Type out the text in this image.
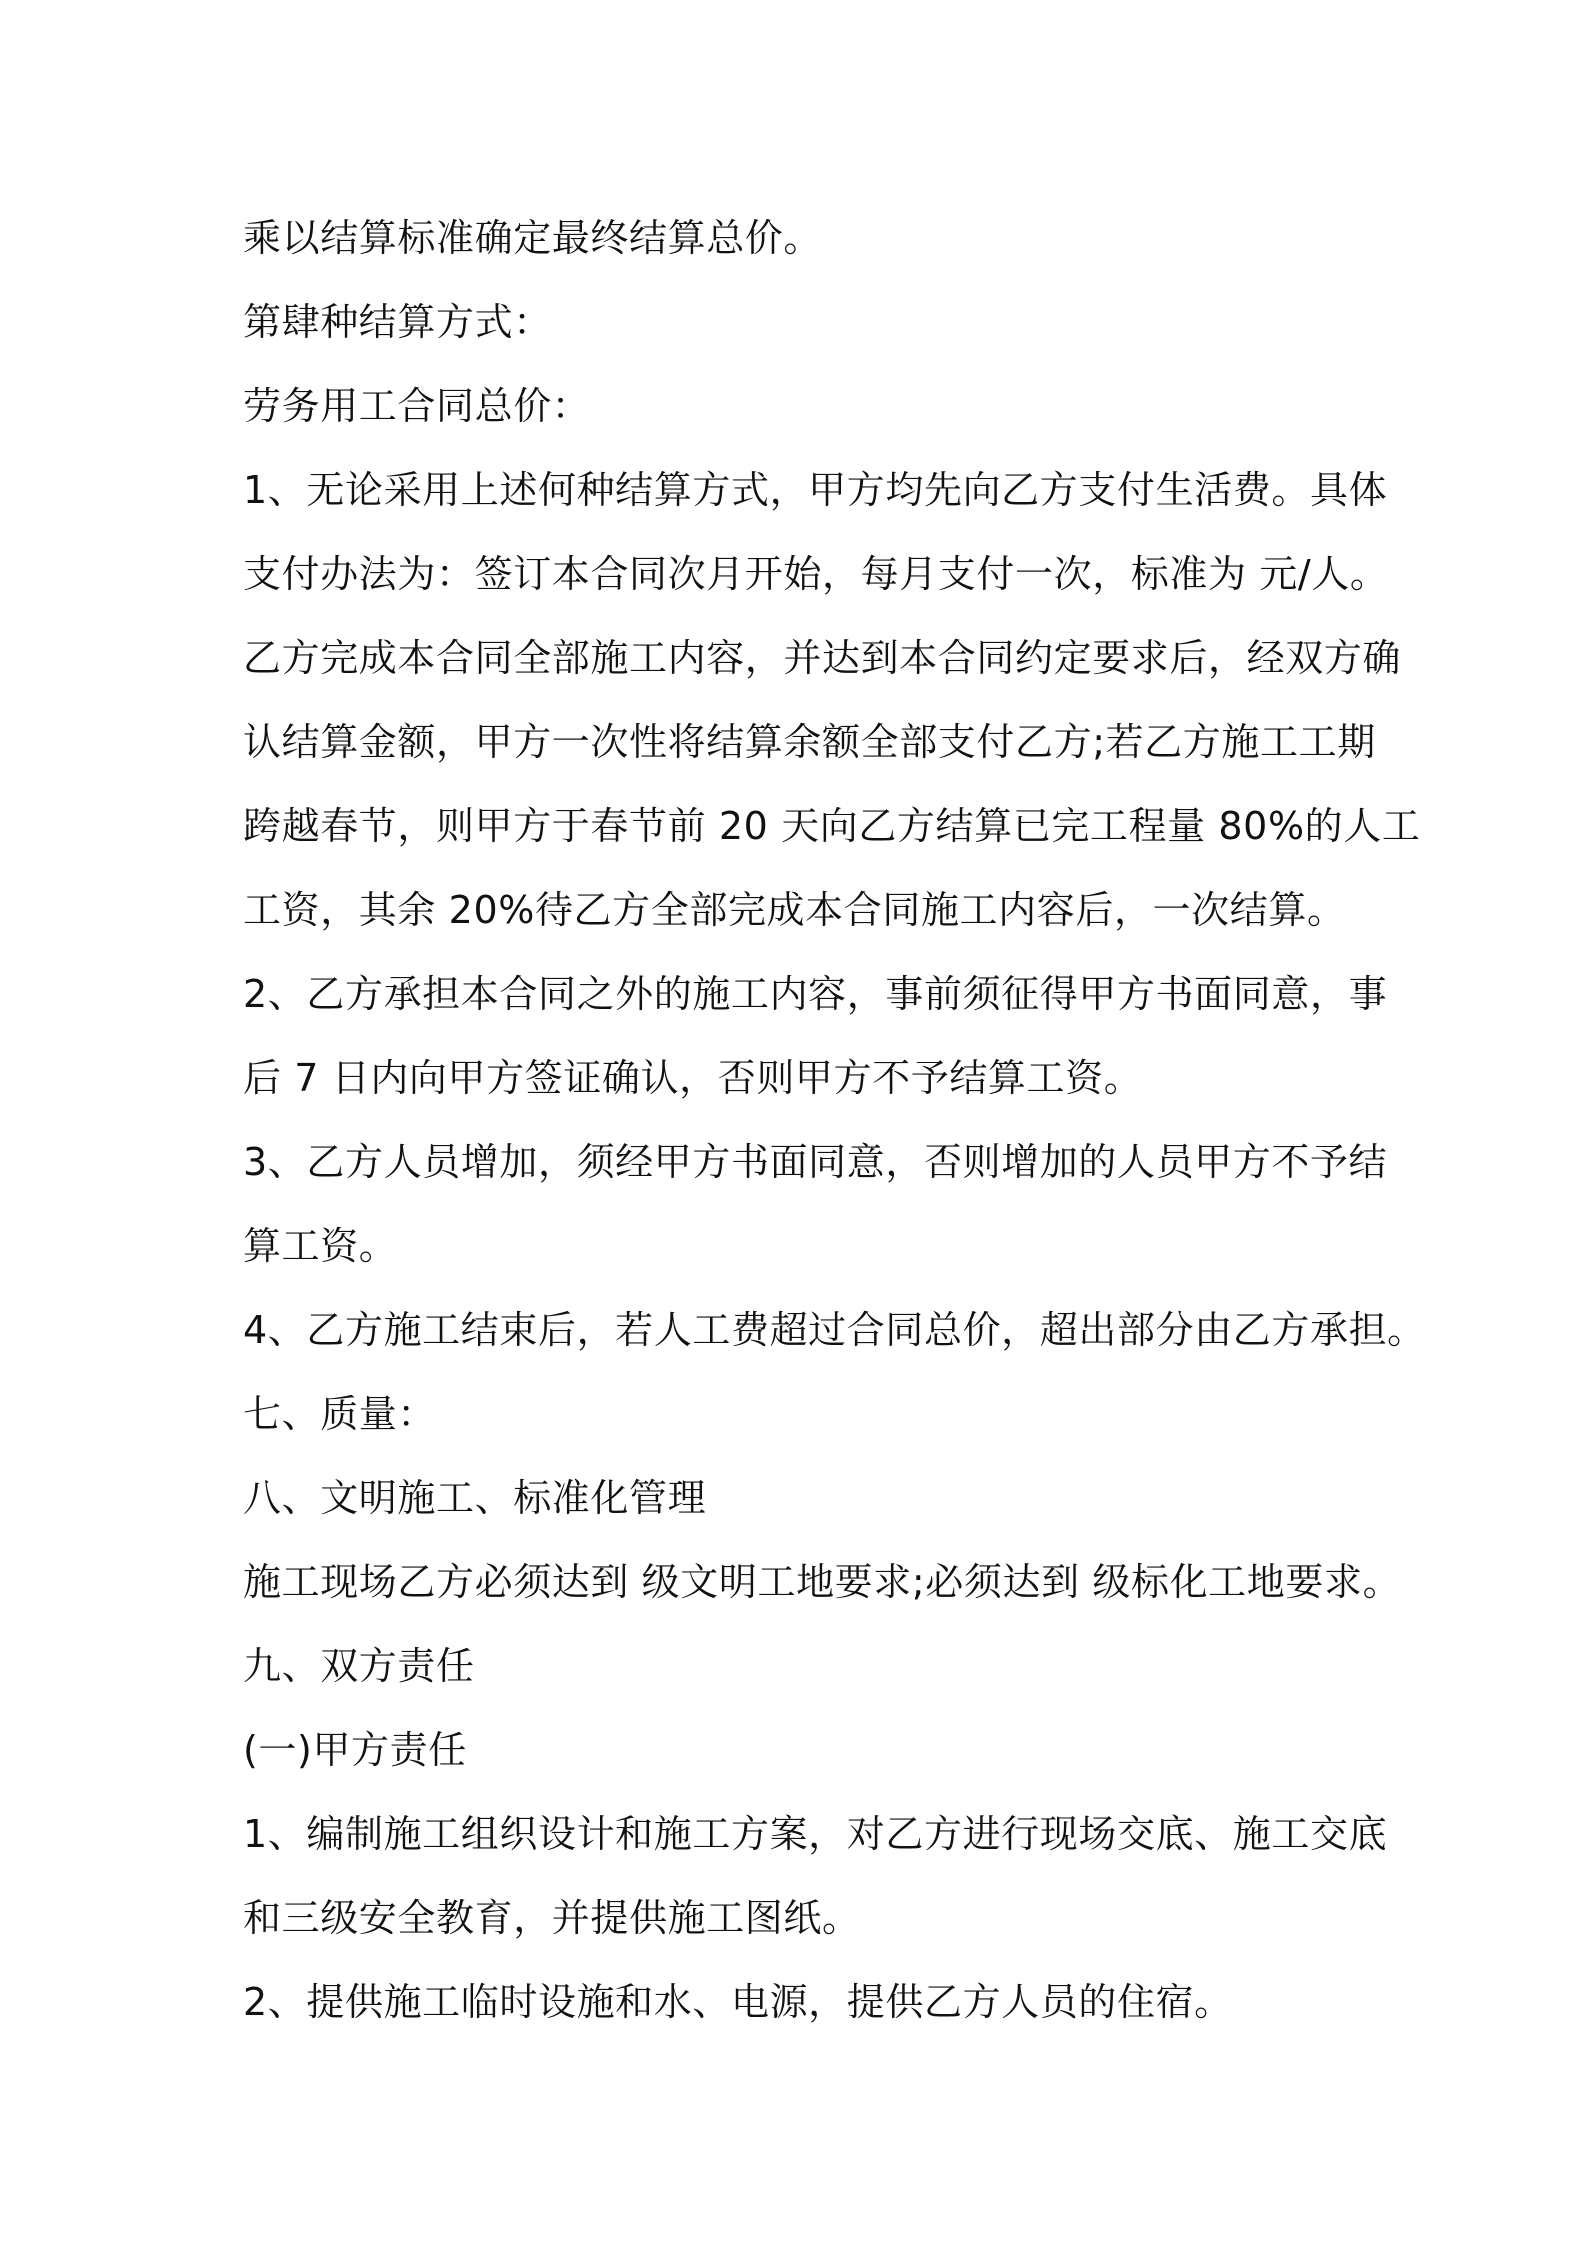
乘以结算标准确定最终结算总价。
第肆种结算方式：
劳务用工合同总价：
1、无论采用上述何种结算方式，甲方均先向乙方支付生活费。具体
支付办法为：签订本合同次月开始，每月支付一次，标准为 元/人。
乙方完成本合同全部施工内容，并达到本合同约定要求后，经双方确
认结算金额，甲方一次性将结算余额全部支付乙方;若乙方施工工期
跨越春节，则甲方于春节前 20 天向乙方结算已完工程量 80%的人工
工资，其余 20%待乙方全部完成本合同施工内容后，一次结算。
2、乙方承担本合同之外的施工内容，事前须征得甲方书面同意，事
后 7 日内向甲方签证确认，否则甲方不予结算工资。
3、乙方人员增加，须经甲方书面同意，否则增加的人员甲方不予结
算工资。
4、乙方施工结束后，若人工费超过合同总价，超出部分由乙方承担。
七、质量：
八、文明施工、标准化管理
施工现场乙方必须达到 级文明工地要求;必须达到 级标化工地要求。
九、双方责任
(一)甲方责任
1、编制施工组织设计和施工方案，对乙方进行现场交底、施工交底
和三级安全教育，并提供施工图纸。
2、提供施工临时设施和水、电源，提供乙方人员的住宿。
